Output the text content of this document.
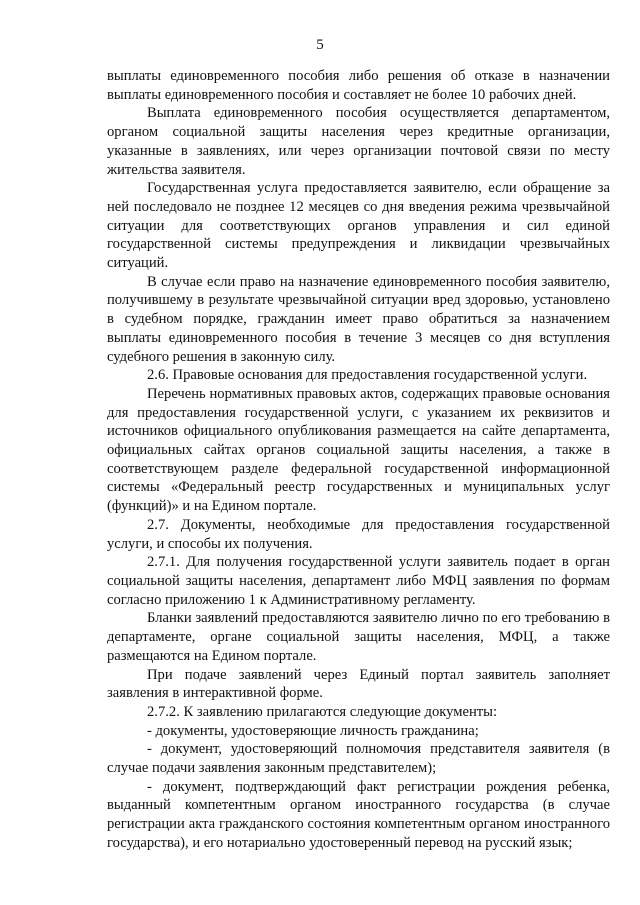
5

выплаты единовременного пособия либо решения об отказе в назначении выплаты единовременного пособия и составляет не более 10 рабочих дней.

Выплата единовременного пособия осуществляется департаментом, органом социальной защиты населения через кредитные организации, указанные в заявлениях, или через организации почтовой связи по месту жительства заявителя.

Государственная услуга предоставляется заявителю, если обращение за ней последовало не позднее 12 месяцев со дня введения режима чрезвычайной ситуации для соответствующих органов управления и сил единой государственной системы предупреждения и ликвидации чрезвычайных ситуаций.

В случае если право на назначение единовременного пособия заявителю, получившему в результате чрезвычайной ситуации вред здоровью, установлено в судебном порядке, гражданин имеет право обратиться за назначением выплаты единовременного пособия в течение 3 месяцев со дня вступления судебного решения в законную силу.

2.6. Правовые основания для предоставления государственной услуги.

Перечень нормативных правовых актов, содержащих правовые основания для предоставления государственной услуги, с указанием их реквизитов и источников официального опубликования размещается на сайте департамента, официальных сайтах органов социальной защиты населения, а также в соответствующем разделе федеральной государственной информационной системы «Федеральный реестр государственных и муниципальных услуг (функций)» и на Едином портале.

2.7. Документы, необходимые для предоставления государственной услуги, и способы их получения.

2.7.1. Для получения государственной услуги заявитель подает в орган социальной защиты населения, департамент либо МФЦ заявления по формам согласно приложению 1 к Административному регламенту.

Бланки заявлений предоставляются заявителю лично по его требованию в департаменте, органе социальной защиты населения, МФЦ, а также размещаются на Едином портале.

При подаче заявлений через Единый портал заявитель заполняет заявления в интерактивной форме.

2.7.2. К заявлению прилагаются следующие документы:

- документы, удостоверяющие личность гражданина;

- документ, удостоверяющий полномочия представителя заявителя (в случае подачи заявления законным представителем);

- документ, подтверждающий факт регистрации рождения ребенка, выданный компетентным органом иностранного государства (в случае регистрации акта гражданского состояния компетентным органом иностранного государства), и его нотариально удостоверенный перевод на русский язык;
